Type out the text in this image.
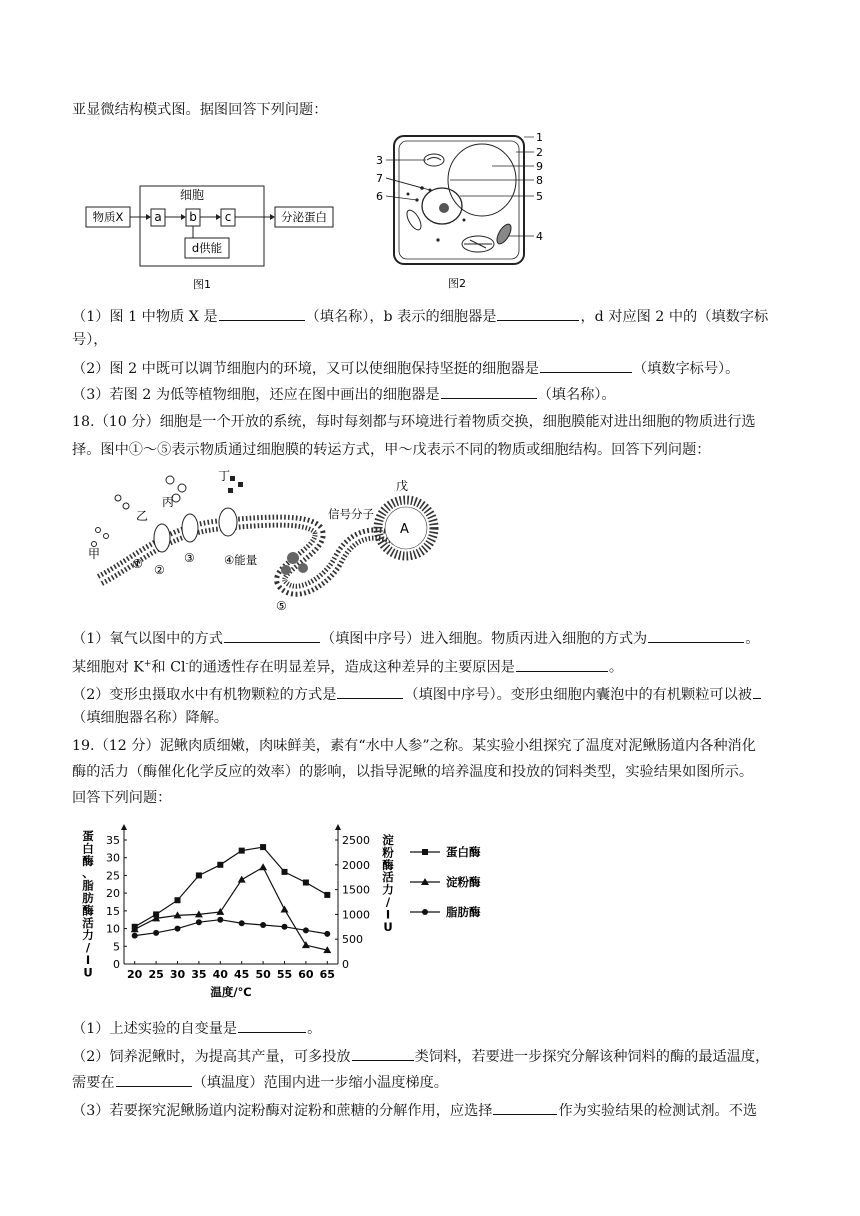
亚显微结构模式图。据图回答下列问题：
细胞
物质X	a b c	分泌蛋白
d供能
图1
3
7
6
1
2
9
8
5
4
图2
（1）图 1 中物质 X 是	（填名称），b 表示的细胞器是	，d 对应图 2 中的（填数字标
号），
（2）图 2 中既可以调节细胞内的环境，又可以使细胞保持坚挺的细胞器是	（填数字标号）。
（3）若图 2 为低等植物细胞，还应在图中画出的细胞器是	（填名称）。
18.（10 分）细胞是一个开放的系统，每时每刻都与环境进行着物质交换，细胞膜能对进出细胞的物质进行选
择。图中①～⑤表示物质通过细胞膜的转运方式，甲～戊表示不同的物质或细胞结构。回答下列问题：
甲
乙
丙
丁
戊
信号分子
A
④能量
① ②
③
⑤
（1）氧气以图中的方式	（填图中序号）进入细胞。物质丙进入细胞的方式为	。
某细胞对 K+和 Cl-的通透性存在明显差异，造成这种差异的主要原因是	。
（2）变形虫摄取水中有机物颗粒的方式是	（填图中序号）。变形虫细胞内囊泡中的有机颗粒可以被
（填细胞器名称）降解。
19.（12 分）泥鳅肉质细嫩，肉味鲜美，素有“水中人参”之称。某实验小组探究了温度对泥鳅肠道内各种消化
酶的活力（酶催化化学反应的效率）的影响，以指导泥鳅的培养温度和投放的饲料类型，实验结果如图所示。
回答下列问题：
0
5
10
15
20
25
30
35
0
500
1000
1500
2000
2500
20 25 30 35 40 45 50 55 60 65
温度/℃
蛋白酶、脂肪酶活力/ I U
淀粉酶活力/ I U
蛋白酶
淀粉酶
脂肪酶
（1）上述实验的自变量是	。
（2）饲养泥鳅时，为提高其产量，可多投放	类饲料，若要进一步探究分解该种饲料的酶的最适温度，
需要在	（填温度）范围内进一步缩小温度梯度。
（3）若要探究泥鳅肠道内淀粉酶对淀粉和蔗糖的分解作用，应选择	作为实验结果的检测试剂。不选
